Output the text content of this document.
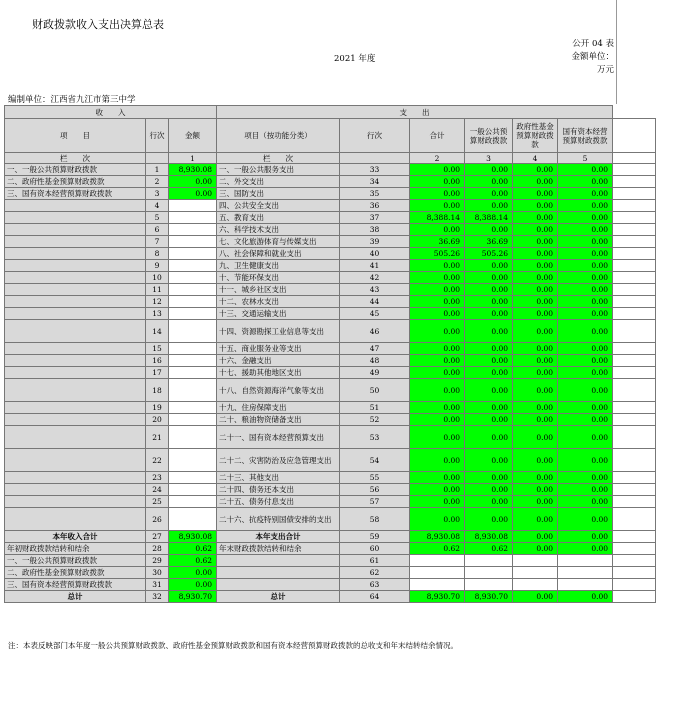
财政拨款收入支出决算总表
2021 年度
公开 04 表
金额单位：
万元
编制单位：江西省九江市第三中学
收　　入			支　　出						
项　　目	行次	金额	项目（按功能分类）	行次	合计	一般公共预算财政拨款	政府性基金预算财政拨款	国有资本经营预算财政拨款	
栏　　次		1	栏　　次		2	3	4	5	
一、一般公共预算财政拨款	1	8,930.08	一、一般公共服务支出	33	0.00	0.00	0.00	0.00	
二、政府性基金预算财政拨款	2	0.00	二、外交支出	34	0.00	0.00	0.00	0.00	
三、国有资本经营预算财政拨款	3	0.00	三、国防支出	35	0.00	0.00	0.00	0.00	
	4		四、公共安全支出	36	0.00	0.00	0.00	0.00	
	5		五、教育支出	37	8,388.14	8,388.14	0.00	0.00	
	6		六、科学技术支出	38	0.00	0.00	0.00	0.00	
	7		七、文化旅游体育与传媒支出	39	36.69	36.69	0.00	0.00	
	8		八、社会保障和就业支出	40	505.26	505.26	0.00	0.00	
	9		九、卫生健康支出	41	0.00	0.00	0.00	0.00	
	10		十、节能环保支出	42	0.00	0.00	0.00	0.00	
	11		十一、城乡社区支出	43	0.00	0.00	0.00	0.00	
	12		十二、农林水支出	44	0.00	0.00	0.00	0.00	
	13		十三、交通运输支出	45	0.00	0.00	0.00	0.00	
	14		十四、资源勘探工业信息等支出	46	0.00	0.00	0.00	0.00	
	15		十五、商业服务业等支出	47	0.00	0.00	0.00	0.00	
	16		十六、金融支出	48	0.00	0.00	0.00	0.00	
	17		十七、援助其他地区支出	49	0.00	0.00	0.00	0.00	
	18		十八、自然资源海洋气象等支出	50	0.00	0.00	0.00	0.00	
	19		十九、住房保障支出	51	0.00	0.00	0.00	0.00	
	20		二十、粮油物资储备支出	52	0.00	0.00	0.00	0.00	
	21		二十一、国有资本经营预算支出	53	0.00	0.00	0.00	0.00	
	22		二十二、灾害防治及应急管理支出	54	0.00	0.00	0.00	0.00	
	23		二十三、其他支出	55	0.00	0.00	0.00	0.00	
	24		二十四、债务还本支出	56	0.00	0.00	0.00	0.00	
	25		二十五、债务付息支出	57	0.00	0.00	0.00	0.00	
	26		二十六、抗疫特别国债安排的支出	58	0.00	0.00	0.00	0.00	
本年收入合计	27	8,930.08	本年支出合计	59	8,930.08	8,930.08	0.00	0.00	
年初财政拨款结转和结余	28	0.62	年末财政拨款结转和结余	60	0.62	0.62	0.00	0.00	
一、一般公共预算财政拨款	29	0.62		61					
二、政府性基金预算财政拨款	30	0.00		62					
三、国有资本经营预算财政拨款	31	0.00		63					
总计	32	8,930.70	总计	64	8,930.70	8,930.70	0.00	0.00	
注：本表反映部门本年度一般公共预算财政拨款、政府性基金预算财政拨款和国有资本经营预算财政拨款的总收支和年末结转结余情况。
